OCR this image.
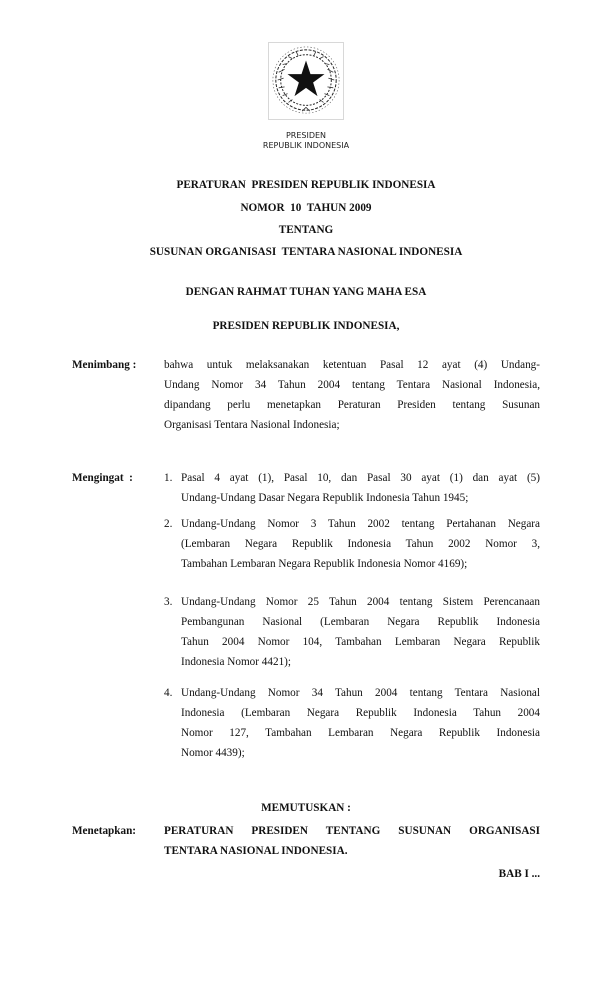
PRESIDEN
REPUBLIK INDONESIA
PERATURAN  PRESIDEN REPUBLIK INDONESIA
NOMOR  10  TAHUN 2009
TENTANG
SUSUNAN ORGANISASI  TENTARA NASIONAL INDONESIA
DENGAN RAHMAT TUHAN YANG MAHA ESA
PRESIDEN REPUBLIK INDONESIA,
Menimbang : bahwa untuk melaksanakan ketentuan Pasal 12 ayat (4) Undang-
Undang Nomor 34 Tahun 2004 tentang Tentara Nasional Indonesia,
dipandang perlu menetapkan Peraturan Presiden tentang Susunan
Organisasi Tentara Nasional Indonesia;
Mengingat  :	1. Pasal 4 ayat (1), Pasal 10, dan Pasal 30 ayat (1) dan ayat (5)
Undang-Undang Dasar Negara Republik Indonesia Tahun 1945;
2. Undang-Undang Nomor 3 Tahun 2002 tentang Pertahanan Negara
(Lembaran Negara Republik Indonesia Tahun 2002 Nomor 3,
Tambahan Lembaran Negara Republik Indonesia Nomor 4169);
3. Undang-Undang Nomor 25 Tahun 2004 tentang Sistem Perencanaan
Pembangunan Nasional (Lembaran Negara Republik Indonesia
Tahun 2004 Nomor 104, Tambahan Lembaran Negara Republik
Indonesia Nomor 4421);
4. Undang-Undang Nomor 34 Tahun 2004 tentang Tentara Nasional
Indonesia (Lembaran Negara Republik Indonesia Tahun 2004
Nomor 127, Tambahan Lembaran Negara Republik Indonesia
Nomor 4439);
MEMUTUSKAN :
Menetapkan: PERATURAN PRESIDEN TENTANG SUSUNAN ORGANISASI
TENTARA NASIONAL INDONESIA.
BAB I ...
